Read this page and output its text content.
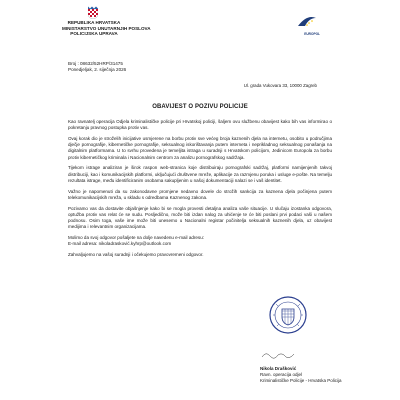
REPUBLIKA HRVATSKA
MINISTARSTVO UNUTARNJIH POSLOVA
POLICIJSKA UPRAVA	EUROPOL
Broj : 08632/52HRP/31475
Ponedjeljak, 2. siječnja 2026
Ul. grada Vukovara 33, 10000 Zagreb
OBAVIJEST O POZIVU POLICIJE

Kao ravnatelj operacija Odjela kriminalističke policije pri Hrvatskoj policiji, šaljem ovu službenu obavijest kako bih vas informirao o pokretanju pravnog postupka protiv vas.

Ovaj korak dio je stroželih inicijative usmjerene na borbu protiv sve većeg broja kaznenih djela na internetu, osobito u područjima dječje pornografije, kibernetičke pornografije, seksualnog iskorištavanja putem interneta i neprikladnog seksualnog ponašanja na digitalnim platformama. U to svrhu provedena je temeljita istraga u suradnji s Hrvatskom policijom, Jedinicom Europola za borbu protiv kibernetičkog kriminala i Nacionalnim centrom za analizu pornografskog sadržaja.

Tijekom istrage analiziran je širok raspon web-stranica koje distribuiraju pornografski sadržaj, platformi namijenjenih takvoj distribuciji, kao i komunikacijskih platformi, uključujući društvene mreže, aplikacije za razmjenu poruka i usluge e-pošte. Na temelju rezultata istrage, među identificiranim osobama sakupljenim u našoj dokumentaciji nalazi se i vaš identitet.

Važno je napomenuti da su zakonodavne promjene nedavno dovele do strožih sankcija za kaznena djela počinjena putem telekomunikacijskih mreža, u skladu s odredbama Kaznenog zakona.

Pozivamo vas da dostavite objašnjenje kako bi se mogla provesti detaljna analiza vaše situacije. U slučaju izostanka odgovora, optužba protiv vas relat će se sudu. Posljedično, može biti izdan nalog za uhićenje te će biti poslani prvi podaci vaši u našem podnosu. Osim toga, vaše ime može biti unesemo u Nacionalni registar počinitelja seksualnih kaznenih djela, uz obavijest medijima i relevantnim organizacijama.

Molimo da svoj odgovor pošaljete na dolje navedenu e-mail adresu:
E-mail adresa: nikoladrasković.kyhrp@outlook.com

Zahvaljujemo na vašoj suradnji i očekujemo pravovremeni odgovor.

Nikola Drašković
Ravn. operacija odjel
Kriminalističke Policije - Hrvatska Policija
